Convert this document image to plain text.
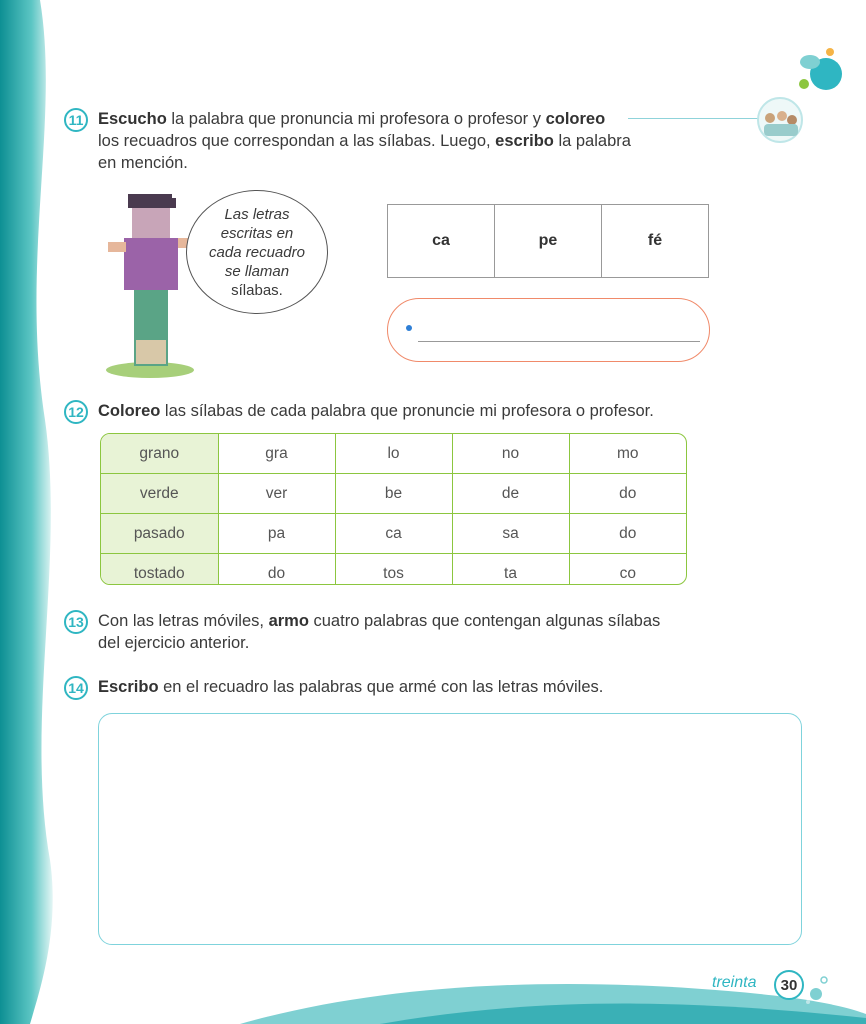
11 Escucho la palabra que pronuncia mi profesora o profesor y coloreo
los recuadros que correspondan a las sílabas. Luego, escribo la palabra
en mención.
Las letras
escritas en
cada recuadro
se llaman
sílabas.
ca	pe	fé
12 Coloreo las sílabas de cada palabra que pronuncie mi profesora o profesor.
grano	gra	lo	no	mo
verde	ver	be	de	do
pasado	pa	ca	sa	do
tostado	do	tos	ta	co
13 Con las letras móviles, armo cuatro palabras que contengan algunas sílabas
del ejercicio anterior.
14 Escribo en el recuadro las palabras que armé con las letras móviles.
treinta	30
